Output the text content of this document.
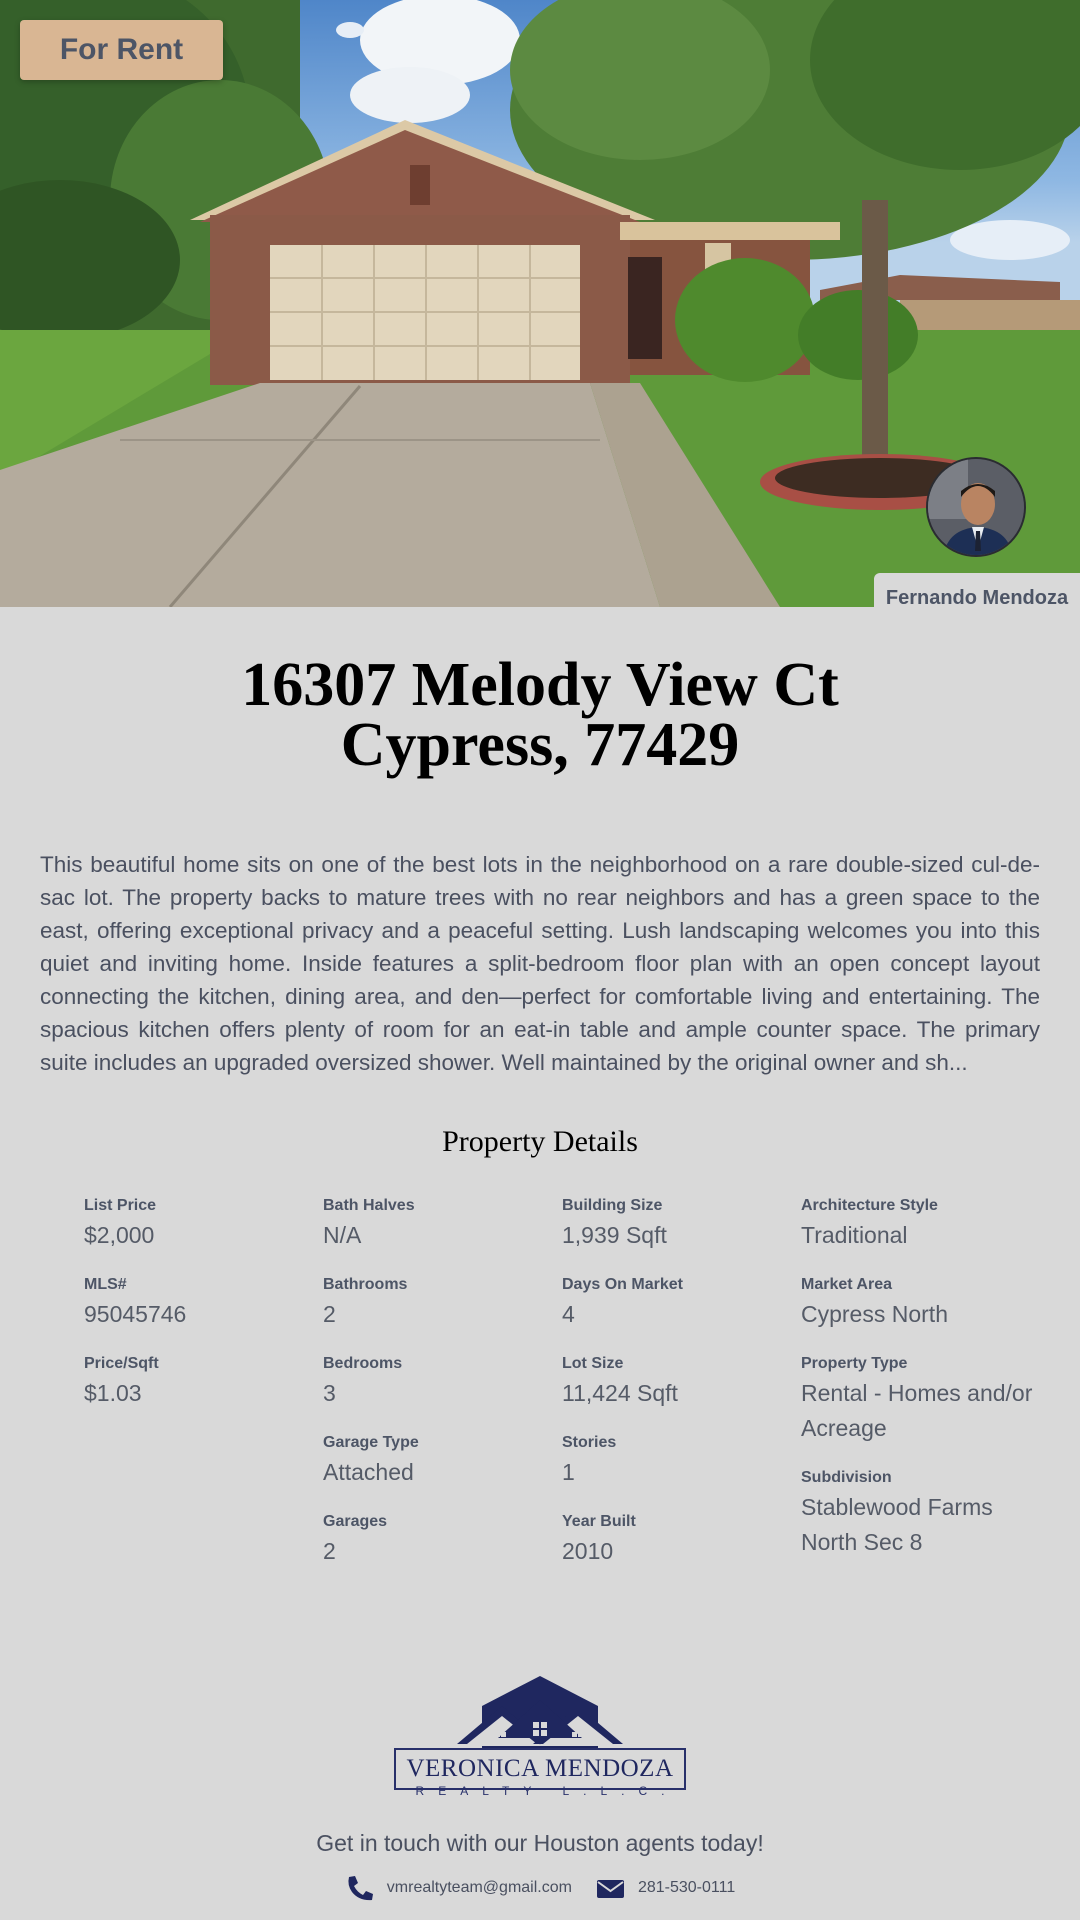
For Rent
Fernando Mendoza
16307 Melody View Ct
Cypress, 77429

This beautiful home sits on one of the best lots in the neighborhood on a rare double-sized cul-de-sac lot. The property backs to mature trees with no rear neighbors and has a green space to the east, offering exceptional privacy and a peaceful setting. Lush landscaping welcomes you into this quiet and inviting home. Inside features a split-bedroom floor plan with an open concept layout connecting the kitchen, dining area, and den—perfect for comfortable living and entertaining. The spacious kitchen offers plenty of room for an eat-in table and ample counter space. The primary suite includes an upgraded oversized shower. Well maintained by the original owner and sh...

Property Details
List Price
$2,000
MLS#
95045746
Price/Sqft
$1.03
Bath Halves
N/A
Bathrooms
2
Bedrooms
3
Garage Type
Attached
Garages
2
Building Size
1,939 Sqft
Days On Market
4
Lot Size
11,424 Sqft
Stories
1
Year Built
2010
Architecture Style
Traditional
Market Area
Cypress North
Property Type
Rental - Homes and/or Acreage
Subdivision
Stablewood Farms North Sec 8
VERONICA MENDOZA
REALTY L.L.C.
Get in touch with our Houston agents today!
vmrealtyteam@gmail.com	281-530-0111
